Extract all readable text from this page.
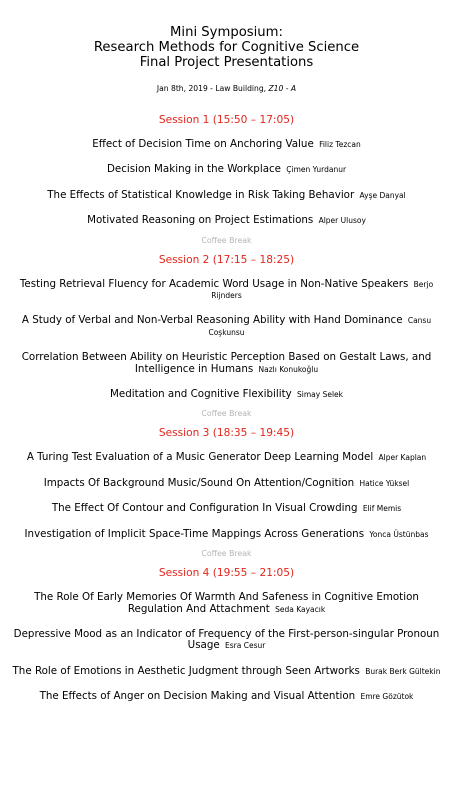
Mini Symposium:
Research Methods for Cognitive Science
Final Project Presentations
Jan 8th, 2019 - Law Building, Z10 - A
Session 1 (15:50 – 17:05)
Effect of Decision Time on Anchoring Value Filiz Tezcan
Decision Making in the Workplace Çimen Yurdanur
The Effects of Statistical Knowledge in Risk Taking Behavior Ayşe Danyal
Motivated Reasoning on Project Estimations Alper Ulusoy
Coffee Break
Session 2 (17:15 – 18:25)
Testing Retrieval Fluency for Academic Word Usage in Non-Native Speakers Berjo Rijnders
A Study of Verbal and Non-Verbal Reasoning Ability with Hand Dominance Cansu Coşkunsu
Correlation Between Ability on Heuristic Perception Based on Gestalt Laws, and Intelligence in Humans Nazlı Konukoğlu
Meditation and Cognitive Flexibility Simay Selek
Coffee Break
Session 3 (18:35 – 19:45)
A Turing Test Evaluation of a Music Generator Deep Learning Model Alper Kaplan
Impacts Of Background Music/Sound On Attention/Cognition Hatice Yüksel
The Effect Of Contour and Configuration In Visual Crowding Elif Memis
Investigation of Implicit Space-Time Mappings Across Generations Yonca Üstünbas
Coffee Break
Session 4 (19:55 – 21:05)
The Role Of Early Memories Of Warmth And Safeness in Cognitive Emotion Regulation And Attachment Seda Kayacık
Depressive Mood as an Indicator of Frequency of the First-person-singular Pronoun Usage Esra Cesur
The Role of Emotions in Aesthetic Judgment through Seen Artworks Burak Berk Gültekin
The Effects of Anger on Decision Making and Visual Attention Emre Gözütok
